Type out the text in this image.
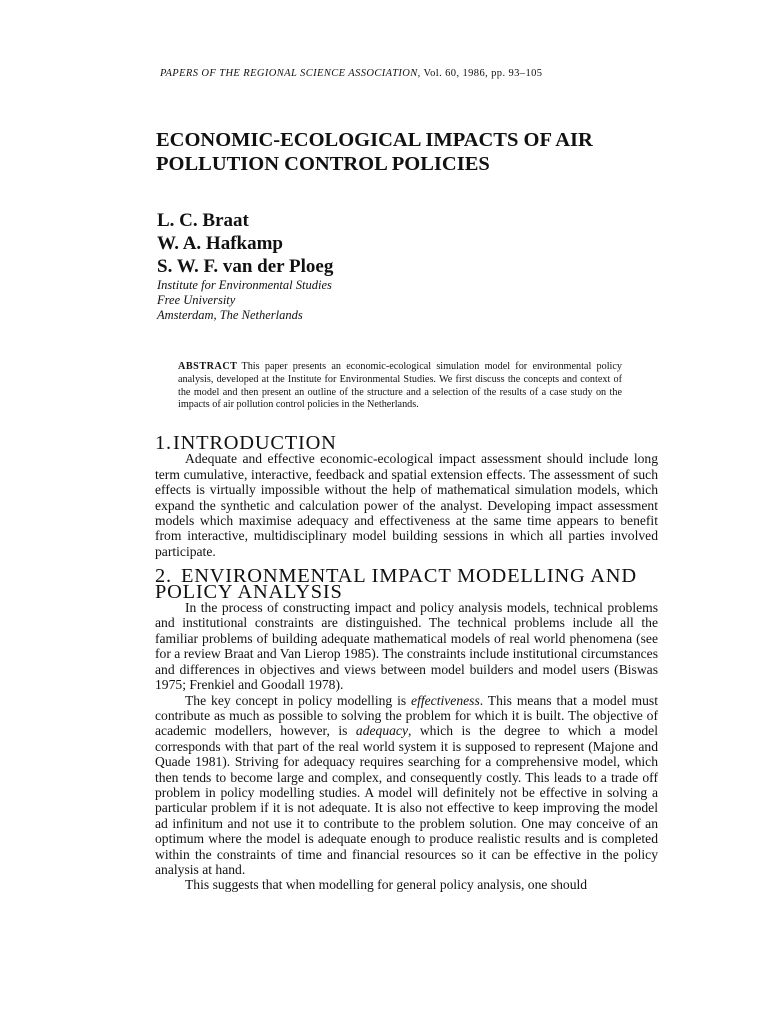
PAPERS OF THE REGIONAL SCIENCE ASSOCIATION, Vol. 60, 1986, pp. 93–105
ECONOMIC-ECOLOGICAL IMPACTS OF AIR POLLUTION CONTROL POLICIES
L. C. Braat
W. A. Hafkamp
S. W. F. van der Ploeg
Institute for Environmental Studies
Free University
Amsterdam, The Netherlands
ABSTRACT This paper presents an economic-ecological simulation model for environmental policy analysis, developed at the Institute for Environmental Studies. We first discuss the concepts and context of the model and then present an outline of the structure and a selection of the results of a case study on the impacts of air pollution control policies in the Netherlands.
1.INTRODUCTION

Adequate and effective economic-ecological impact assessment should include long term cumulative, interactive, feedback and spatial extension effects. The assessment of such effects is virtually impossible without the help of mathematical simulation models, which expand the synthetic and calculation power of the analyst. Developing impact assessment models which maximise adequacy and effectiveness at the same time appears to benefit from interactive, multidisciplinary model building sessions in which all parties involved participate.

2. ENVIRONMENTAL IMPACT MODELLING AND POLICY ANALYSIS

In the process of constructing impact and policy analysis models, technical problems and institutional constraints are distinguished. The technical problems include all the familiar problems of building adequate mathematical models of real world phenomena (see for a review Braat and Van Lierop 1985). The constraints include institutional circumstances and differences in objectives and views between model builders and model users (Biswas 1975; Frenkiel and Goodall 1978).

The key concept in policy modelling is effectiveness. This means that a model must contribute as much as possible to solving the problem for which it is built. The objective of academic modellers, however, is adequacy, which is the degree to which a model corresponds with that part of the real world system it is supposed to represent (Majone and Quade 1981). Striving for adequacy requires searching for a comprehensive model, which then tends to become large and complex, and consequently costly. This leads to a trade off problem in policy modelling studies. A model will definitely not be effective in solving a particular problem if it is not adequate. It is also not effective to keep improving the model ad infinitum and not use it to contribute to the problem solution. One may conceive of an optimum where the model is adequate enough to produce realistic results and is completed within the constraints of time and financial resources so it can be effective in the policy analysis at hand.

This suggests that when modelling for general policy analysis, one should
